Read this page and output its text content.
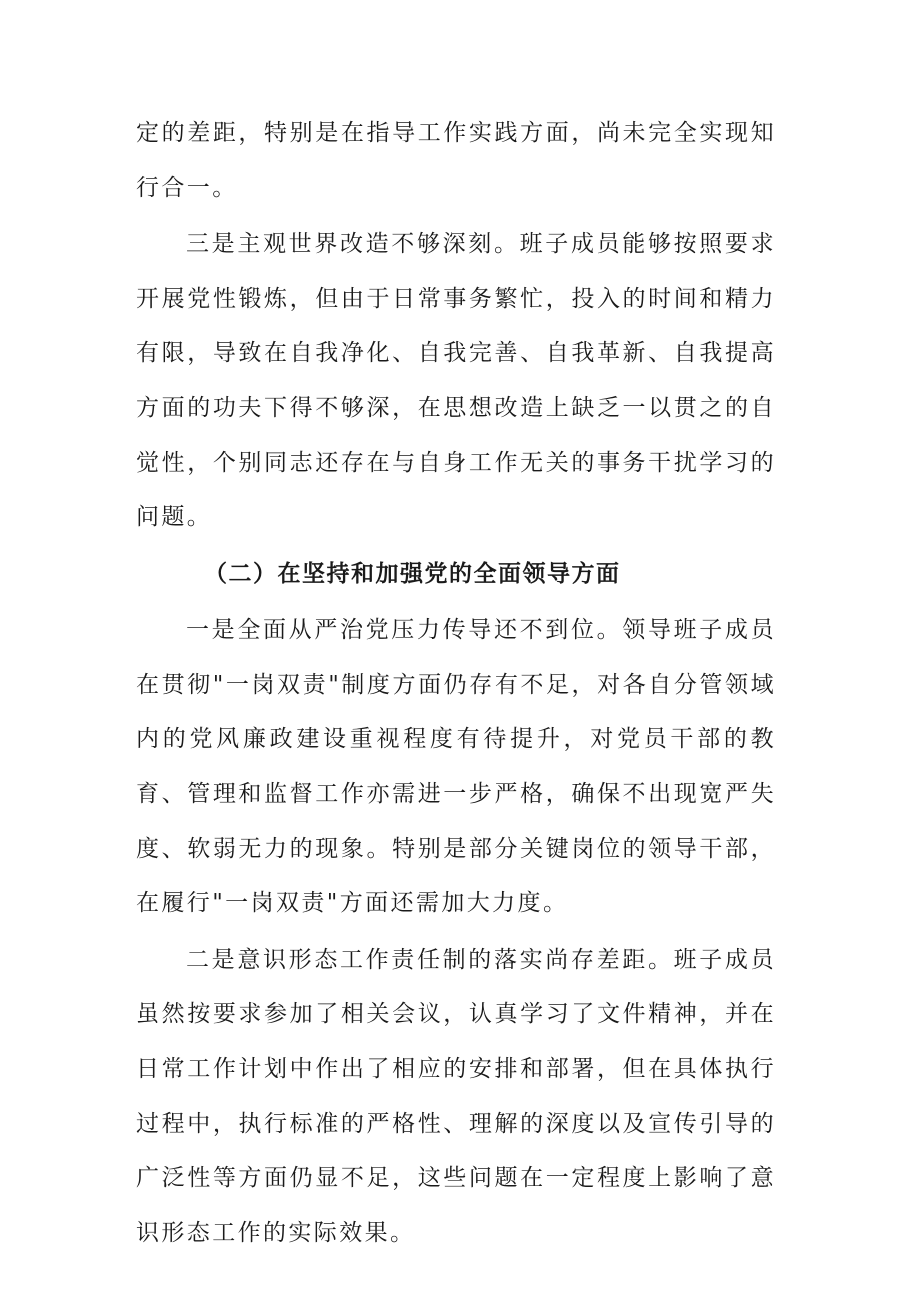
定的差距，特别是在指导工作实践方面，尚未完全实现知行合一。

三是主观世界改造不够深刻。班子成员能够按照要求开展党性锻炼，但由于日常事务繁忙，投入的时间和精力有限，导致在自我净化、自我完善、自我革新、自我提高方面的功夫下得不够深，在思想改造上缺乏一以贯之的自觉性，个别同志还存在与自身工作无关的事务干扰学习的问题。

（二）在坚持和加强党的全面领导方面

一是全面从严治党压力传导还不到位。领导班子成员在贯彻"一岗双责"制度方面仍存有不足，对各自分管领域内的党风廉政建设重视程度有待提升，对党员干部的教育、管理和监督工作亦需进一步严格，确保不出现宽严失度、软弱无力的现象。特别是部分关键岗位的领导干部，在履行"一岗双责"方面还需加大力度。

二是意识形态工作责任制的落实尚存差距。班子成员虽然按要求参加了相关会议，认真学习了文件精神，并在日常工作计划中作出了相应的安排和部署，但在具体执行过程中，执行标准的严格性、理解的深度以及宣传引导的广泛性等方面仍显不足，这些问题在一定程度上影响了意识形态工作的实际效果。
